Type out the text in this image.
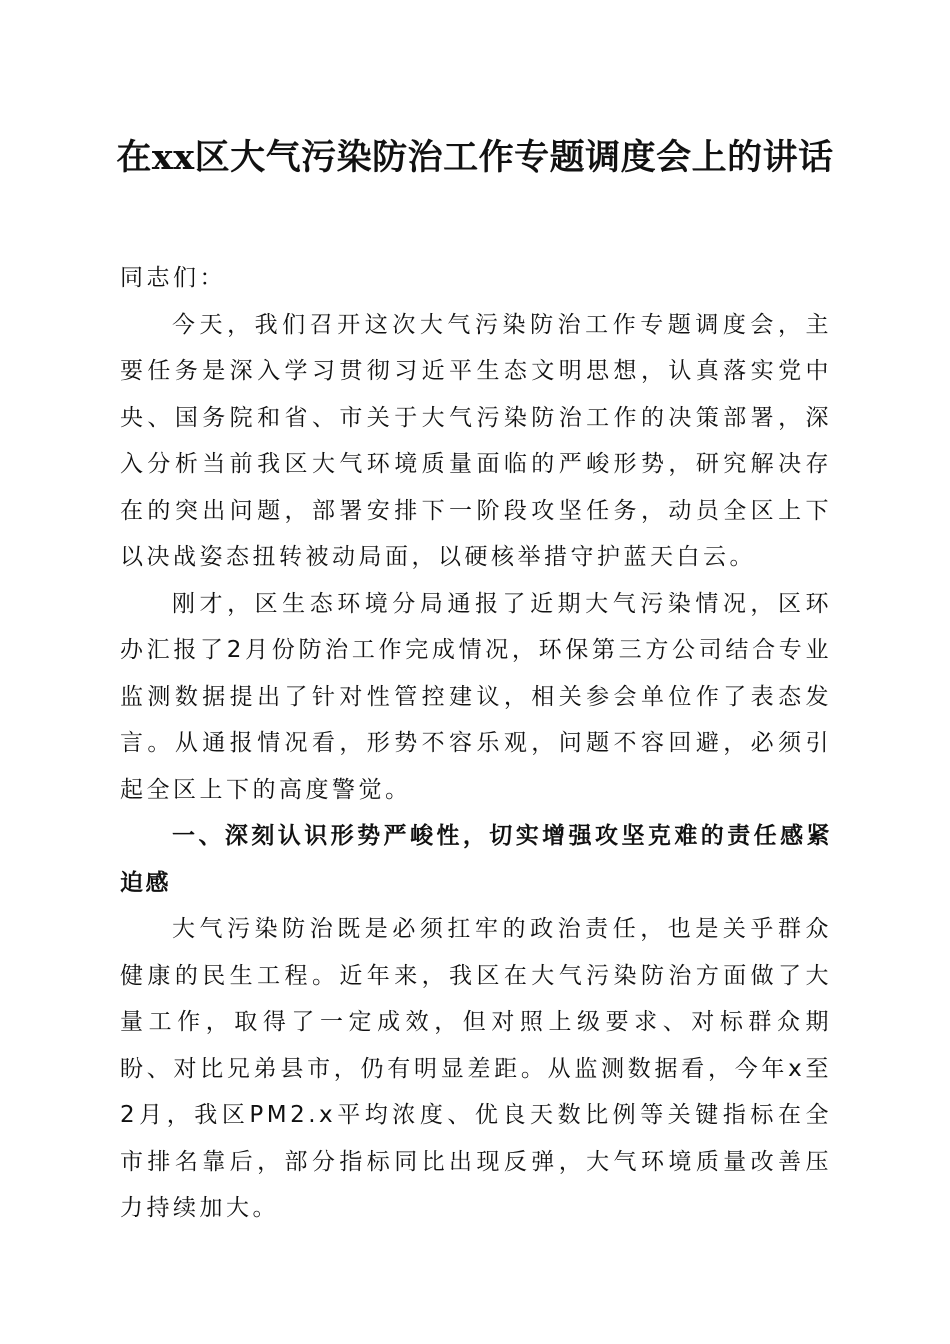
在xx区大气污染防治工作专题调度会上的讲话

同志们：

今天，我们召开这次大气污染防治工作专题调度会，主要任务是深入学习贯彻习近平生态文明思想，认真落实党中央、国务院和省、市关于大气污染防治工作的决策部署，深入分析当前我区大气环境质量面临的严峻形势，研究解决存在的突出问题，部署安排下一阶段攻坚任务，动员全区上下以决战姿态扭转被动局面，以硬核举措守护蓝天白云。

刚才，区生态环境分局通报了近期大气污染情况，区环办汇报了2月份防治工作完成情况，环保第三方公司结合专业监测数据提出了针对性管控建议，相关参会单位作了表态发言。从通报情况看，形势不容乐观，问题不容回避，必须引起全区上下的高度警觉。

一、深刻认识形势严峻性，切实增强攻坚克难的责任感紧迫感

大气污染防治既是必须扛牢的政治责任，也是关乎群众健康的民生工程。近年来，我区在大气污染防治方面做了大量工作，取得了一定成效，但对照上级要求、对标群众期盼、对比兄弟县市，仍有明显差距。从监测数据看，今年x至2月，我区PM2.x平均浓度、优良天数比例等关键指标在全市排名靠后，部分指标同比出现反弹，大气环境质量改善压力持续加大。
